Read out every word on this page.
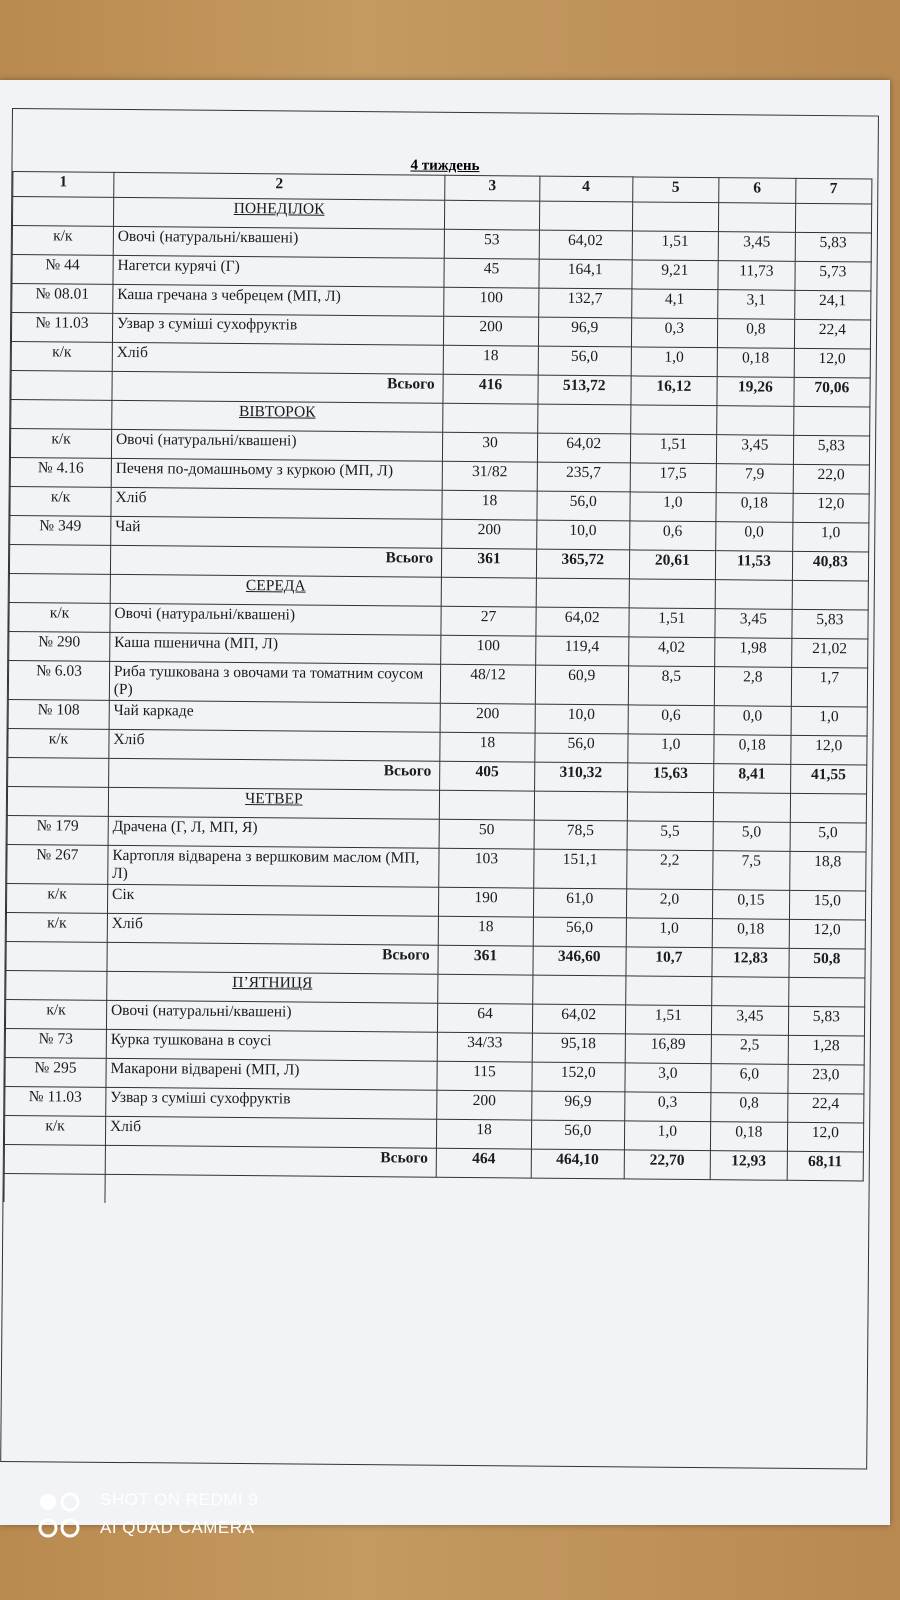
4 тиждень
1	2	3	4	5	6	7
	ПОНЕДІЛОК					
к/к	Овочі (натуральні/квашені)	53	64,02	1,51	3,45	5,83
№ 44	Нагетси курячі (Г)	45	164,1	9,21	11,73	5,73
№ 08.01	Каша гречана з чебрецем (МП, Л)	100	132,7	4,1	3,1	24,1
№ 11.03	Узвар з суміші сухофруктів	200	96,9	0,3	0,8	22,4
к/к	Хліб	18	56,0	1,0	0,18	12,0
	Всього	416	513,72	16,12	19,26	70,06
	ВІВТОРОК					
к/к	Овочі (натуральні/квашені)	30	64,02	1,51	3,45	5,83
№ 4.16	Печеня по-домашньому з куркою (МП, Л)	31/82	235,7	17,5	7,9	22,0
к/к	Хліб	18	56,0	1,0	0,18	12,0
№ 349	Чай	200	10,0	0,6	0,0	1,0
	Всього	361	365,72	20,61	11,53	40,83
	СЕРЕДА					
к/к	Овочі (натуральні/квашені)	27	64,02	1,51	3,45	5,83
№ 290	Каша пшенична (МП, Л)	100	119,4	4,02	1,98	21,02
№ 6.03	Риба тушкована з овочами та томатним соусом (Р)	48/12	60,9	8,5	2,8	1,7
№ 108	Чай каркаде	200	10,0	0,6	0,0	1,0
к/к	Хліб	18	56,0	1,0	0,18	12,0
	Всього	405	310,32	15,63	8,41	41,55
	ЧЕТВЕР					
№ 179	Драчена (Г, Л, МП, Я)	50	78,5	5,5	5,0	5,0
№ 267	Картопля відварена з вершковим маслом (МП, Л)	103	151,1	2,2	7,5	18,8
к/к	Сік	190	61,0	2,0	0,15	15,0
к/к	Хліб	18	56,0	1,0	0,18	12,0
	Всього	361	346,60	10,7	12,83	50,8
	П’ЯТНИЦЯ					
к/к	Овочі (натуральні/квашені)	64	64,02	1,51	3,45	5,83
№ 73	Курка тушкована в соусі	34/33	95,18	16,89	2,5	1,28
№ 295	Макарони відварені (МП, Л)	115	152,0	3,0	6,0	23,0
№ 11.03	Узвар з суміші сухофруктів	200	96,9	0,3	0,8	22,4
к/к	Хліб	18	56,0	1,0	0,18	12,0
	Всього	464	464,10	22,70	12,93	68,11

SHOT ON REDMI 9
AI QUAD CAMERA
